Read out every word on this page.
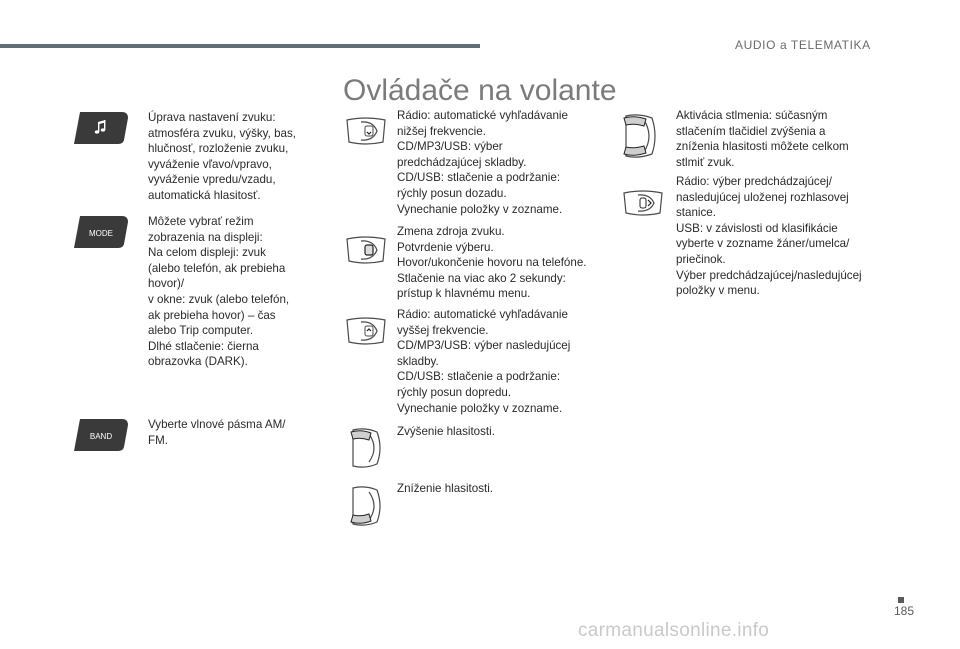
AUDIO a TELEMATIKA
Ovládače na volante

Úprava nastavení zvuku:
atmosféra zvuku, výšky, bas,
hlučnosť, rozloženie zvuku,
vyváženie vľavo/vpravo,
vyváženie vpredu/vzadu,
automatická hlasitosť.

MODE

Môžete vybrať režim
zobrazenia na displeji:
Na celom displeji: zvuk
(alebo telefón, ak prebieha
hovor)/
v okne: zvuk (alebo telefón,
ak prebieha hovor) – čas
alebo Trip computer.
Dlhé stlačenie: čierna
obrazovka (DARK).

BAND

Vyberte vlnové pásma AM/
FM.

Rádio: automatické vyhľadávanie
nižšej frekvencie.
CD/MP3/USB: výber
predchádzajúcej skladby.
CD/USB: stlačenie a podržanie:
rýchly posun dozadu.
Vynechanie položky v zozname.

Zmena zdroja zvuku.
Potvrdenie výberu.
Hovor/ukončenie hovoru na telefóne.
Stlačenie na viac ako 2 sekundy:
prístup k hlavnému menu.

Rádio: automatické vyhľadávanie
vyššej frekvencie.
CD/MP3/USB: výber nasledujúcej
skladby.
CD/USB: stlačenie a podržanie:
rýchly posun dopredu.
Vynechanie položky v zozname.

Zvýšenie hlasitosti.

Zníženie hlasitosti.

Aktivácia stlmenia: súčasným
stlačením tlačidiel zvýšenia a
zníženia hlasitosti môžete celkom
stlmiť zvuk.

Rádio: výber predchádzajúcej/
nasledujúcej uloženej rozhlasovej
stanice.
USB: v závislosti od klasifikácie
vyberte v zozname žáner/umelca/
priečinok.
Výber predchádzajúcej/nasledujúcej
položky v menu.

185
carmanualsonline.info
